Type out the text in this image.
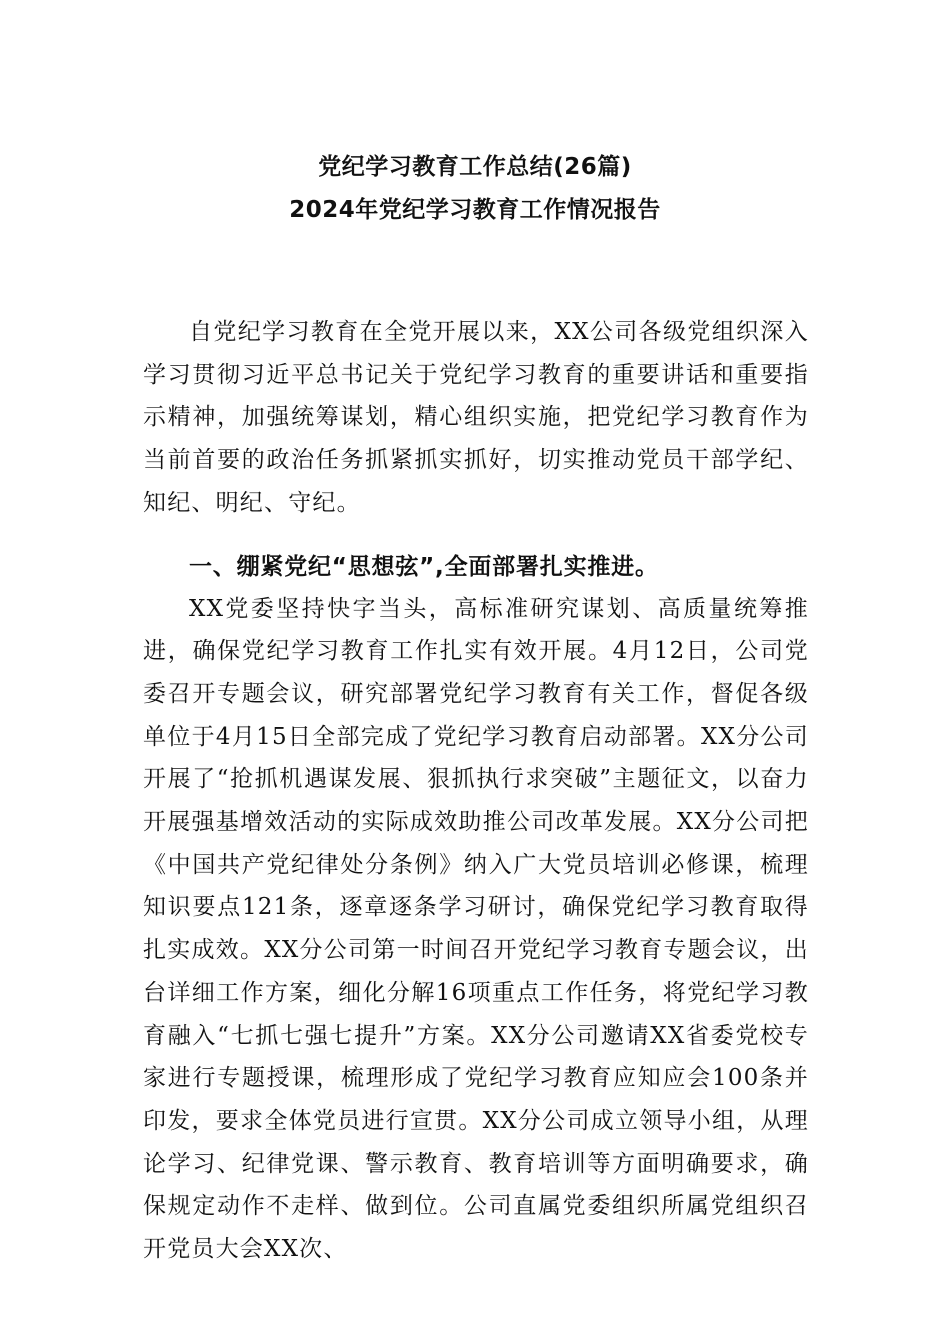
党纪学习教育工作总结(26篇)
2024年党纪学习教育工作情况报告

自党纪学习教育在全党开展以来，XX公司各级党组织深入学习贯彻习近平总书记关于党纪学习教育的重要讲话和重要指示精神，加强统筹谋划，精心组织实施，把党纪学习教育作为当前首要的政治任务抓紧抓实抓好，切实推动党员干部学纪、知纪、明纪、守纪。

一、绷紧党纪“思想弦”,全面部署扎实推进。

XX党委坚持快字当头，高标准研究谋划、高质量统筹推进，确保党纪学习教育工作扎实有效开展。4月12日，公司党委召开专题会议，研究部署党纪学习教育有关工作，督促各级单位于4月15日全部完成了党纪学习教育启动部署。XX分公司开展了“抢抓机遇谋发展、狠抓执行求突破”主题征文，以奋力开展强基增效活动的实际成效助推公司改革发展。XX分公司把《中国共产党纪律处分条例》纳入广大党员培训必修课，梳理知识要点121条，逐章逐条学习研讨，确保党纪学习教育取得扎实成效。XX分公司第一时间召开党纪学习教育专题会议，出台详细工作方案，细化分解16项重点工作任务，将党纪学习教育融入“七抓七强七提升”方案。XX分公司邀请XX省委党校专家进行专题授课，梳理形成了党纪学习教育应知应会100条并印发，要求全体党员进行宣贯。XX分公司成立领导小组，从理论学习、纪律党课、警示教育、教育培训等方面明确要求，确保规定动作不走样、做到位。公司直属党委组织所属党组织召开党员大会XX次、
